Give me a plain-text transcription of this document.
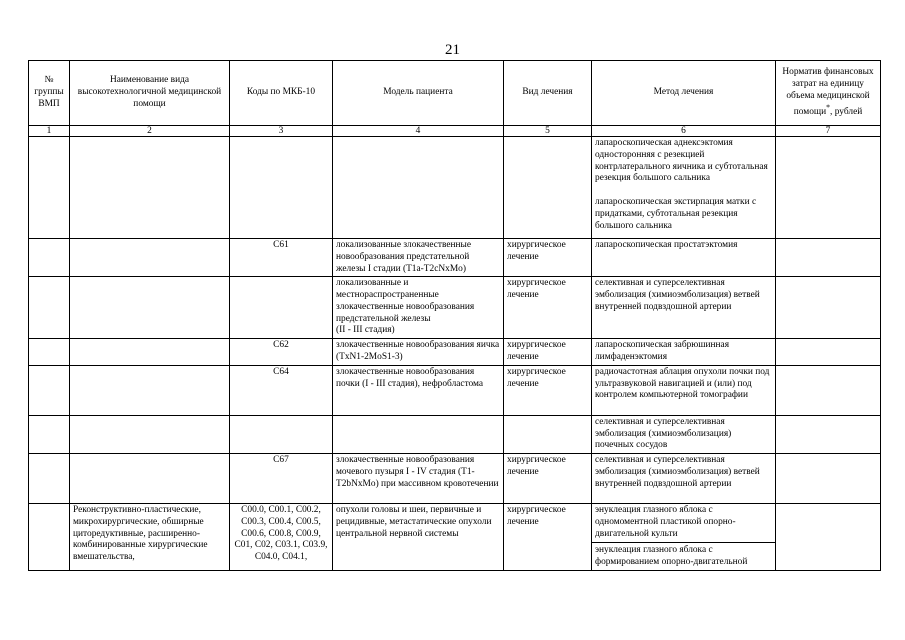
21
№ группы ВМП	Наименование вида высокотехнологичной медицинской помощи	Коды по МКБ-10	Модель пациента	Вид лечения	Метод лечения	Норматив финансовых затрат на единицу объема медицинской помощи*, рублей
1	2	3	4	5	6	7
					лапароскопическая аднексэктомия односторонняя с резекцией контрлатерального яичника и субтотальная резекция большого сальника
лапароскопическая экстирпация матки с придатками, субтотальная резекция большого сальника	
		C61	локализованные злокачественные новообразования предстательной железы I стадии (T1a-T2cNxMo)	хирургическое лечение	лапароскопическая простатэктомия	
			локализованные и местнораспространенные злокачественные новообразования предстательной железы
(II - III стадия)	хирургическое лечение	селективная и суперселективная эмболизация (химиоэмболизация) ветвей внутренней подвздошной артерии	
		C62	злокачественные новообразования яичка (TxN1-2MoS1-3)	хирургическое лечение	лапароскопическая забрюшинная лимфаденэктомия	
		C64	злокачественные новообразования почки (I - III стадия), нефробластома	хирургическое лечение	радиочастотная аблация опухоли почки под ультразвуковой навигацией и (или) под контролем компьютерной томографии	
					селективная и суперселективная эмболизация (химиоэмболизация) почечных сосудов	
		C67	злокачественные новообразования мочевого пузыря I - IV стадия (T1-T2bNxMo) при массивном кровотечении	хирургическое лечение	селективная и суперселективная эмболизация (химиоэмболизация) ветвей внутренней подвздошной артерии	
	Реконструктивно-пластические, микрохирургические, обширные циторедуктивные, расширенно-комбинированные хирургические вмешательства,	C00.0, C00.1, C00.2, C00.3, C00.4, C00.5, C00.6, C00.8, C00.9, C01, C02, C03.1, C03.9, C04.0, C04.1,	опухоли головы и шеи, первичные и рецидивные, метастатические опухоли центральной нервной системы	хирургическое лечение	энуклеация глазного яблока с одномоментной пластикой опорно-двигательной культи
энуклеация глазного яблока с формированием опорно-двигательной	
